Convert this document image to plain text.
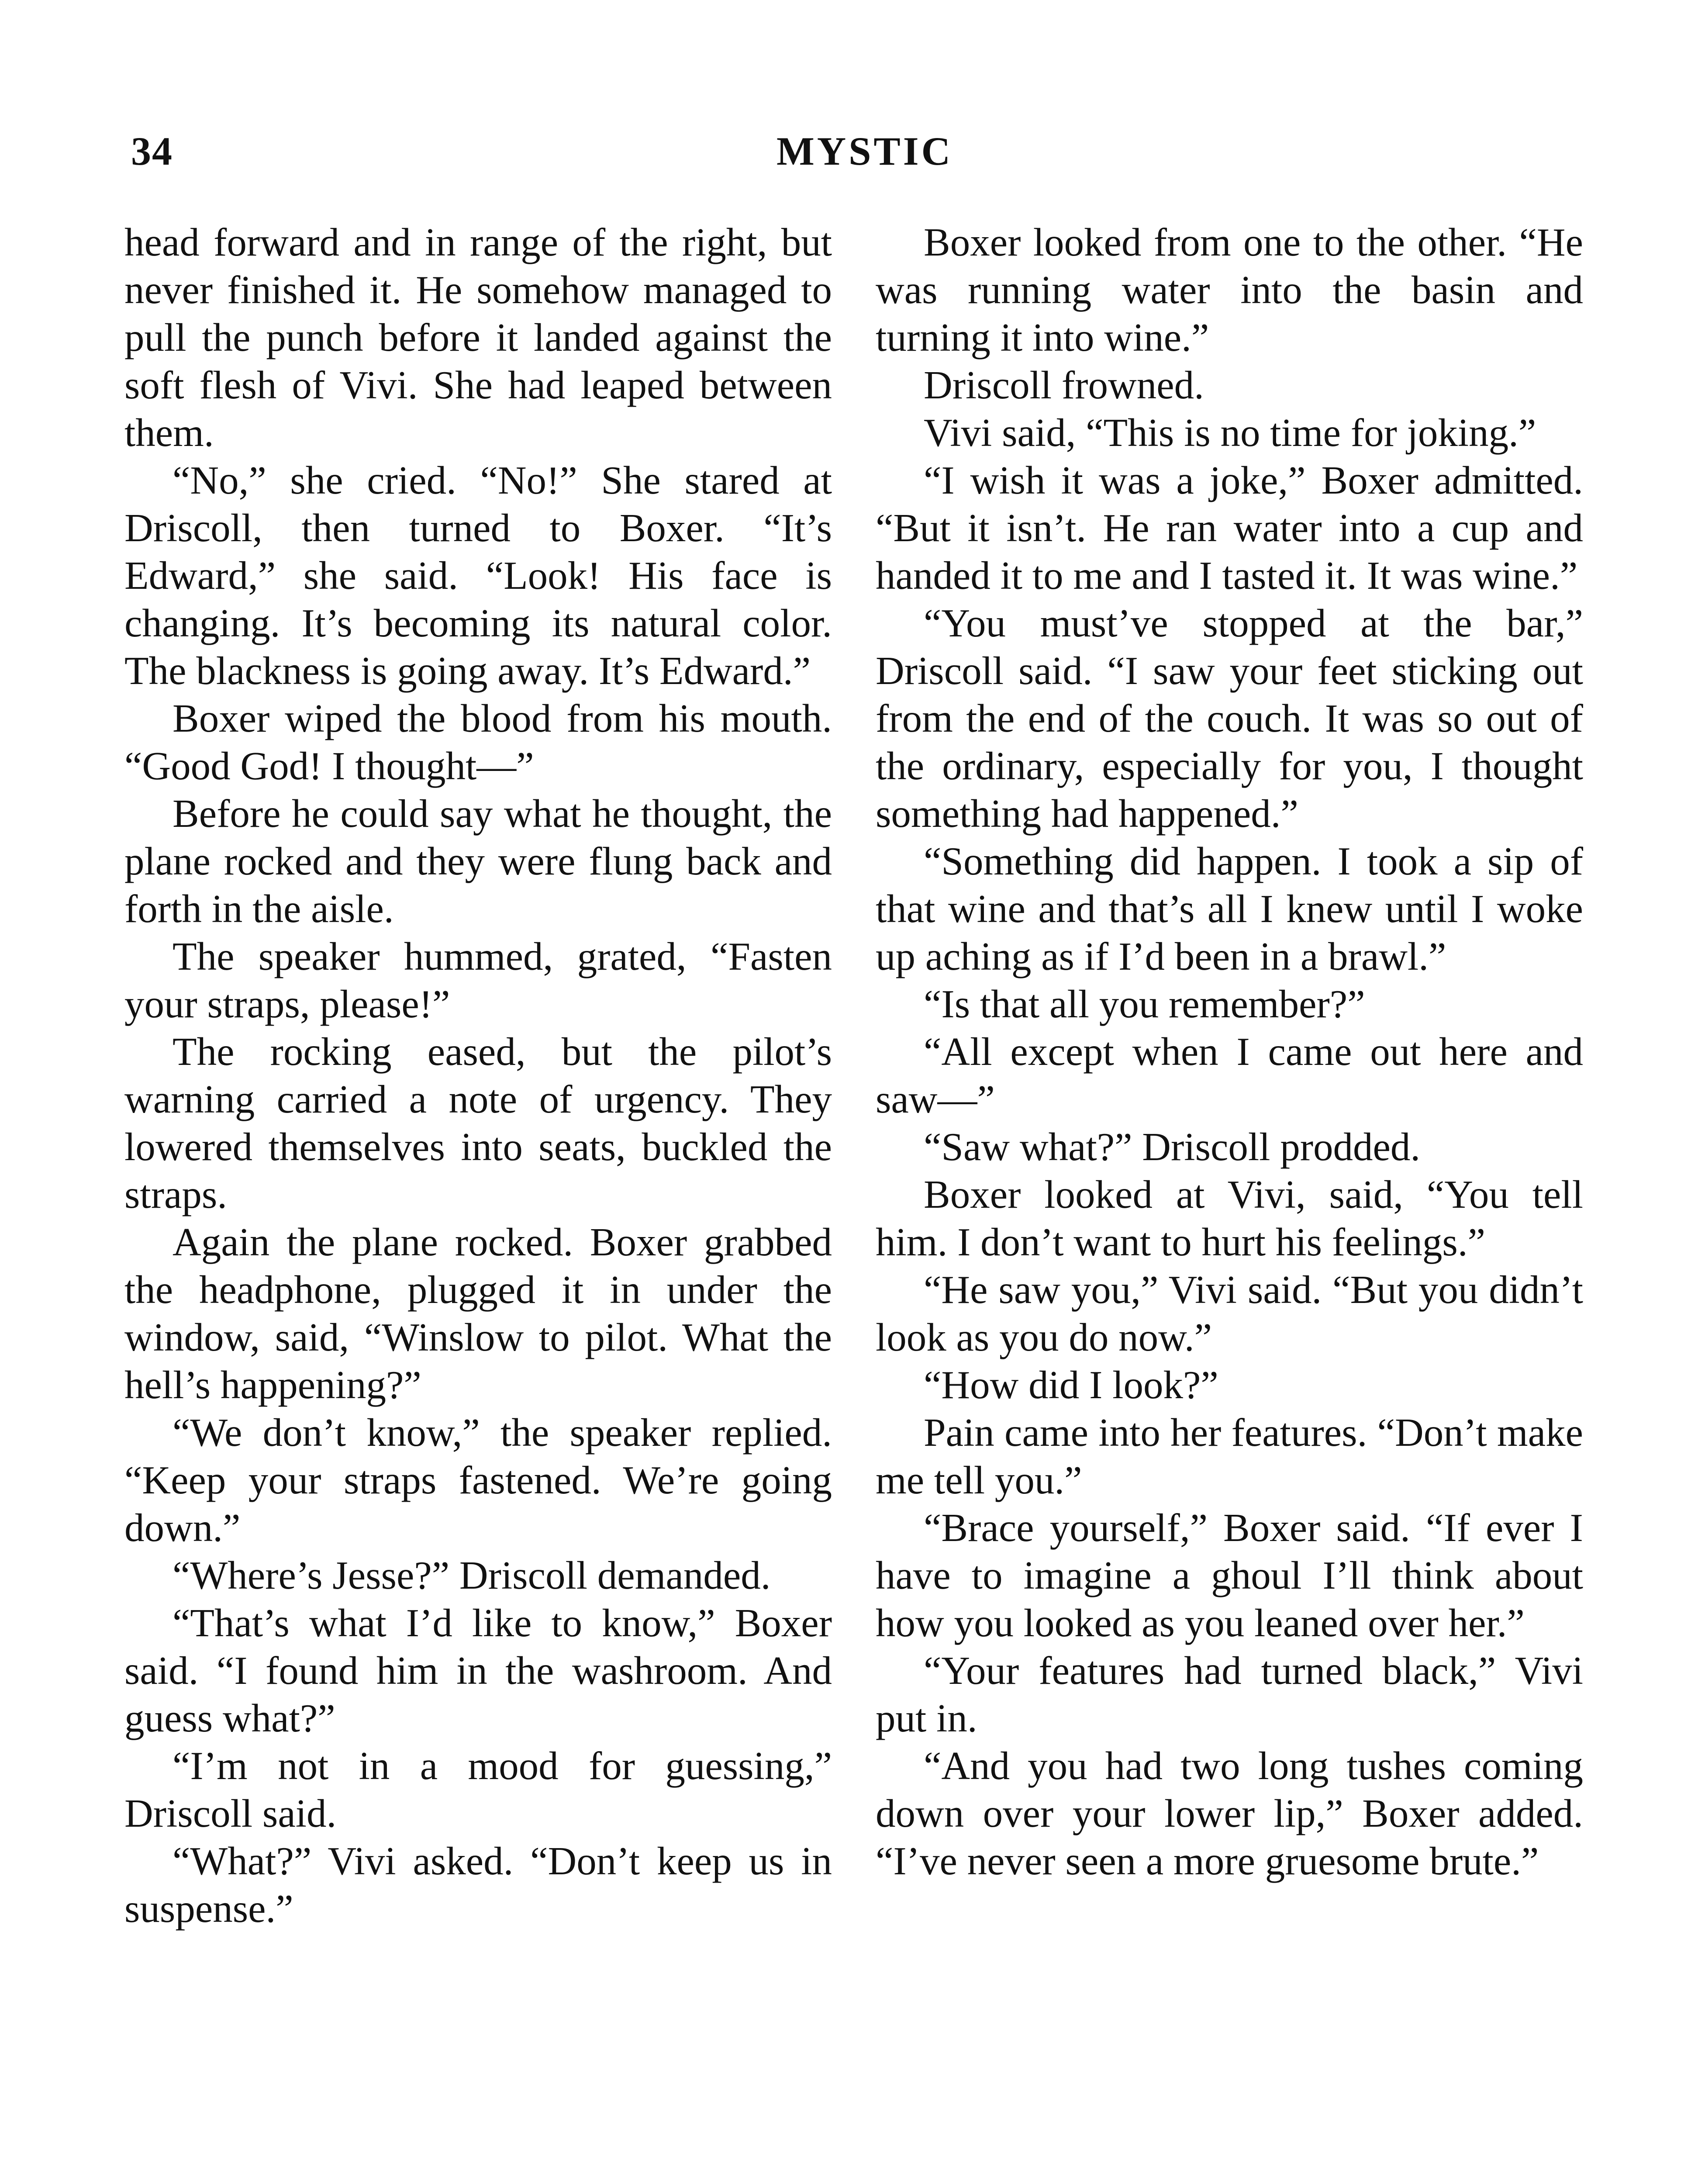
34	MYSTIC

head forward and in range of the right, but never finished it. He somehow managed to pull the punch before it landed against the soft flesh of Vivi. She had leaped between them.

“No,” she cried. “No!” She stared at Driscoll, then turned to Boxer. “It’s Edward,” she said. “Look! His face is changing. It’s becoming its natural color. The blackness is going away. It’s Edward.”

Boxer wiped the blood from his mouth. “Good God! I thought—”

Before he could say what he thought, the plane rocked and they were flung back and forth in the aisle.

The speaker hummed, grated, “Fasten your straps, please!”

The rocking eased, but the pilot’s warning carried a note of urgency. They lowered themselves into seats, buckled the straps.

Again the plane rocked. Boxer grabbed the headphone, plugged it in under the window, said, “Winslow to pilot. What the hell’s happening?”

“We don’t know,” the speaker replied. “Keep your straps fastened. We’re going down.”

“Where’s Jesse?” Driscoll demanded.

“That’s what I’d like to know,” Boxer said. “I found him in the washroom. And guess what?”

“I’m not in a mood for guessing,” Driscoll said.

“What?” Vivi asked. “Don’t keep us in suspense.”

Boxer looked from one to the other. “He was running water into the basin and turning it into wine.”

Driscoll frowned.

Vivi said, “This is no time for joking.”

“I wish it was a joke,” Boxer admitted. “But it isn’t. He ran water into a cup and handed it to me and I tasted it. It was wine.”

“You must’ve stopped at the bar,” Driscoll said. “I saw your feet sticking out from the end of the couch. It was so out of the ordinary, especially for you, I thought something had happened.”

“Something did happen. I took a sip of that wine and that’s all I knew until I woke up aching as if I’d been in a brawl.”

“Is that all you remember?”

“All except when I came out here and saw—”

“Saw what?” Driscoll prodded.

Boxer looked at Vivi, said, “You tell him. I don’t want to hurt his feelings.”

“He saw you,” Vivi said. “But you didn’t look as you do now.”

“How did I look?”

Pain came into her features. “Don’t make me tell you.”

“Brace yourself,” Boxer said. “If ever I have to imagine a ghoul I’ll think about how you looked as you leaned over her.”

“Your features had turned black,” Vivi put in.

“And you had two long tushes coming down over your lower lip,” Boxer added. “I’ve never seen a more gruesome brute.”
